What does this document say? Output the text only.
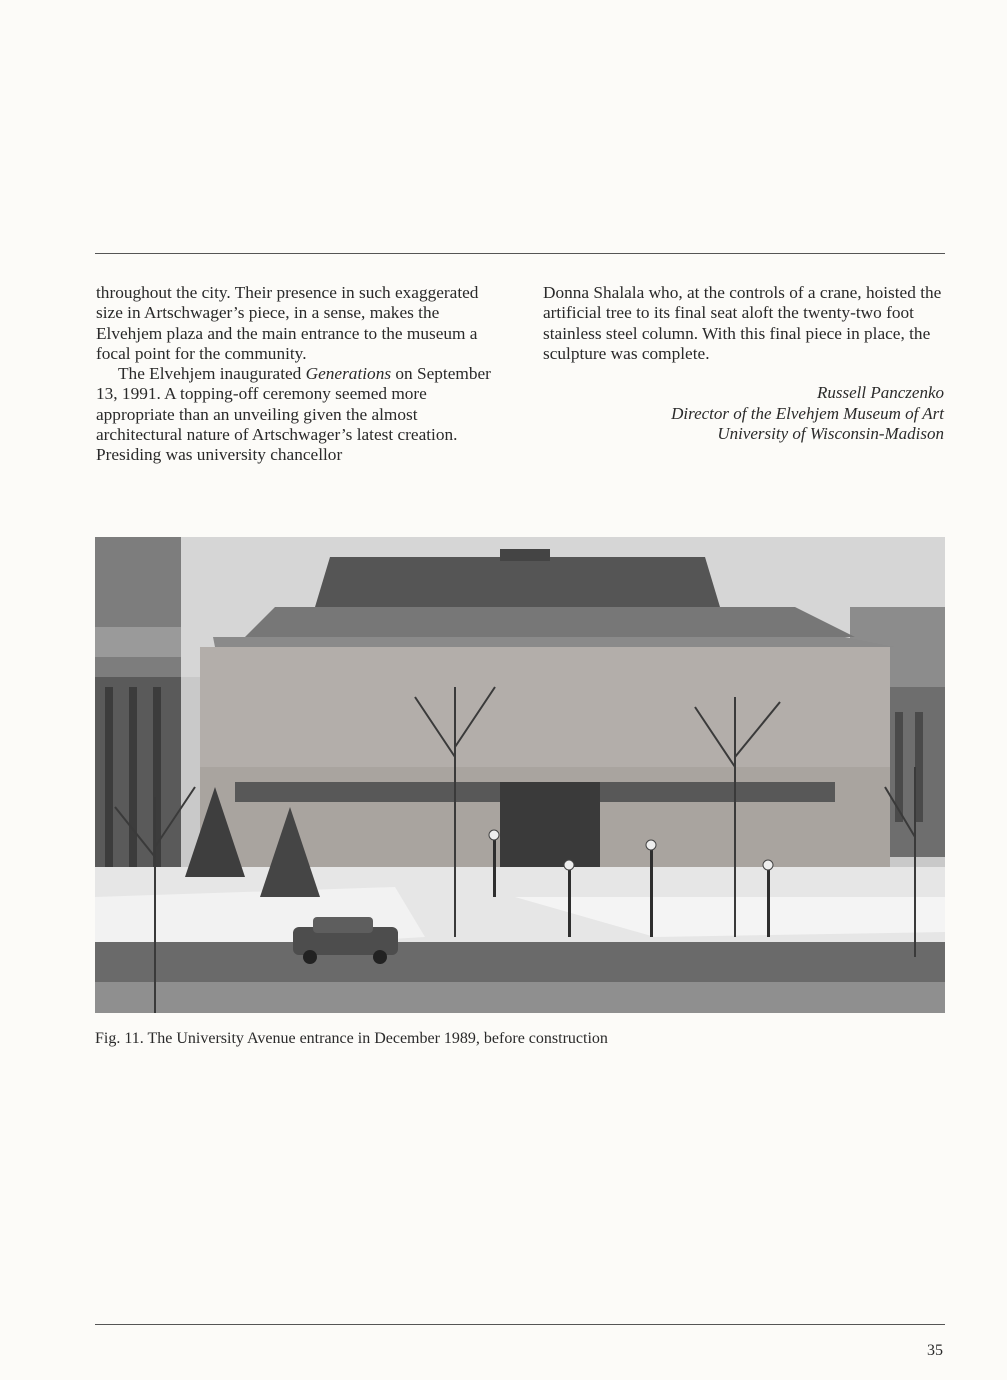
throughout the city. Their presence in such exaggerated size in Artschwager’s piece, in a sense, makes the Elvehjem plaza and the main entrance to the museum a focal point for the community.

The Elvehjem inaugurated Generations on September 13, 1991. A topping-off ceremony seemed more appropriate than an unveiling given the almost architectural nature of Artschwager’s latest creation. Presiding was university chancellor

Donna Shalala who, at the controls of a crane, hoisted the artificial tree to its final seat aloft the twenty-two foot stainless steel column. With this final piece in place, the sculpture was complete.

Russell Panczenko
Director of the Elvehjem Museum of Art
University of Wisconsin-Madison
Fig. 11. The University Avenue entrance in December 1989, before construction
35
